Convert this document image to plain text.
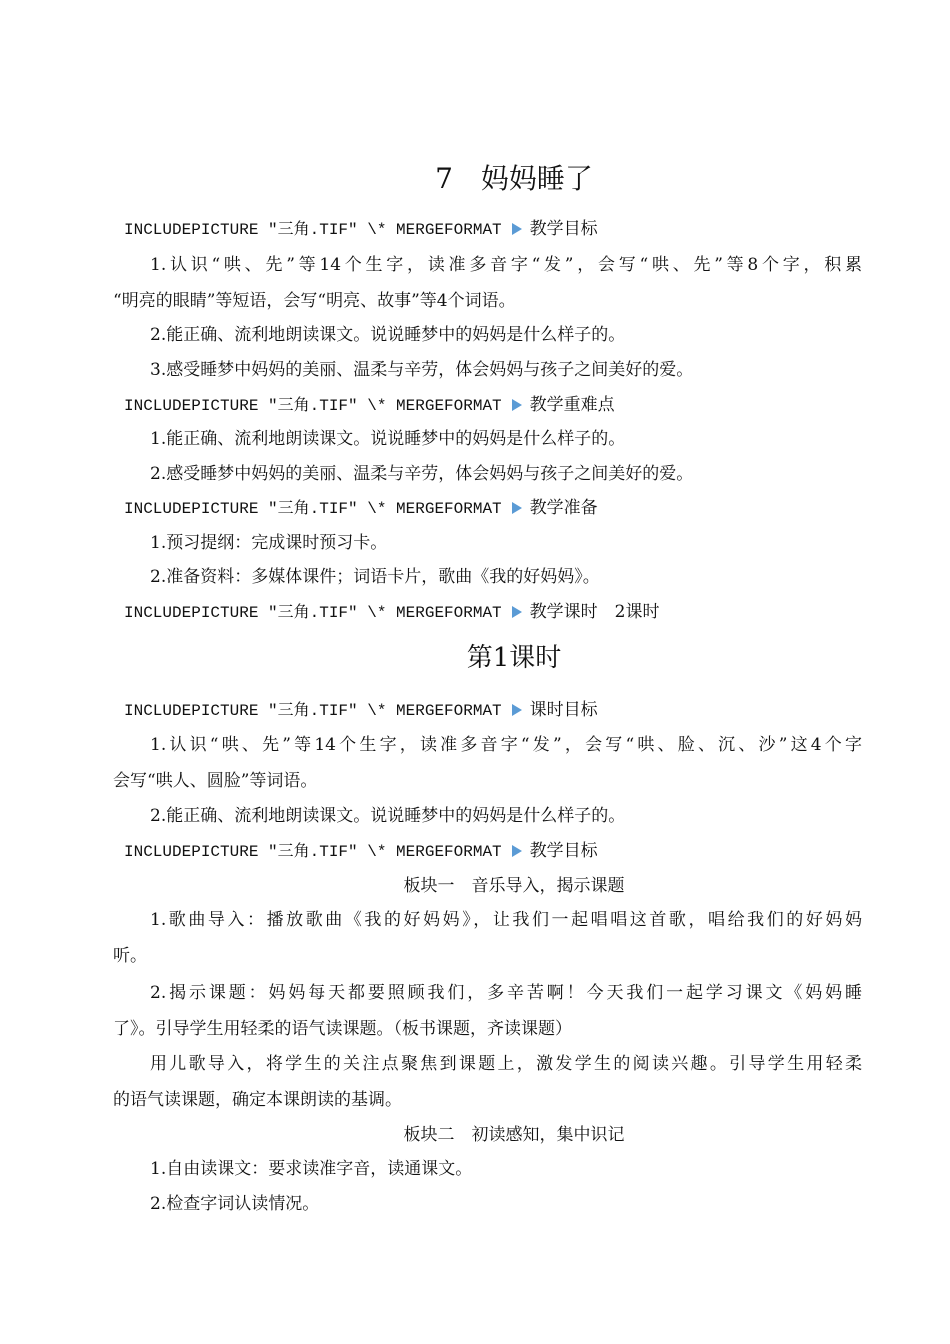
7　妈妈睡了
INCLUDEPICTURE "三角.TIF" \* MERGEFORMAT 教学目标
1.认识“哄、先”等14个生字，读准多音字“发”，会写“哄、先”等8个字，积累
“明亮的眼睛”等短语，会写“明亮、故事”等4个词语。
2.能正确、流利地朗读课文。说说睡梦中的妈妈是什么样子的。
3.感受睡梦中妈妈的美丽、温柔与辛劳，体会妈妈与孩子之间美好的爱。
INCLUDEPICTURE "三角.TIF" \* MERGEFORMAT 教学重难点
1.能正确、流利地朗读课文。说说睡梦中的妈妈是什么样子的。
2.感受睡梦中妈妈的美丽、温柔与辛劳，体会妈妈与孩子之间美好的爱。
INCLUDEPICTURE "三角.TIF" \* MERGEFORMAT 教学准备
1.预习提纲：完成课时预习卡。
2.准备资料：多媒体课件；词语卡片，歌曲《我的好妈妈》。
INCLUDEPICTURE "三角.TIF" \* MERGEFORMAT 教学课时　2课时
第1课时
INCLUDEPICTURE "三角.TIF" \* MERGEFORMAT 课时目标
1.认识“哄、先”等14个生字，读准多音字“发”，会写“哄、脸、沉、沙”这4个字
会写“哄人、圆脸”等词语。
2.能正确、流利地朗读课文。说说睡梦中的妈妈是什么样子的。
INCLUDEPICTURE "三角.TIF" \* MERGEFORMAT 教学目标
板块一　音乐导入，揭示课题
1.歌曲导入：播放歌曲《我的好妈妈》，让我们一起唱唱这首歌，唱给我们的好妈妈
听。
2.揭示课题：妈妈每天都要照顾我们，多辛苦啊！今天我们一起学习课文《妈妈睡
了》。引导学生用轻柔的语气读课题。（板书课题，齐读课题）
用儿歌导入，将学生的关注点聚焦到课题上，激发学生的阅读兴趣。引导学生用轻柔
的语气读课题，确定本课朗读的基调。
板块二　初读感知，集中识记
1.自由读课文：要求读准字音，读通课文。
2.检查字词认读情况。
